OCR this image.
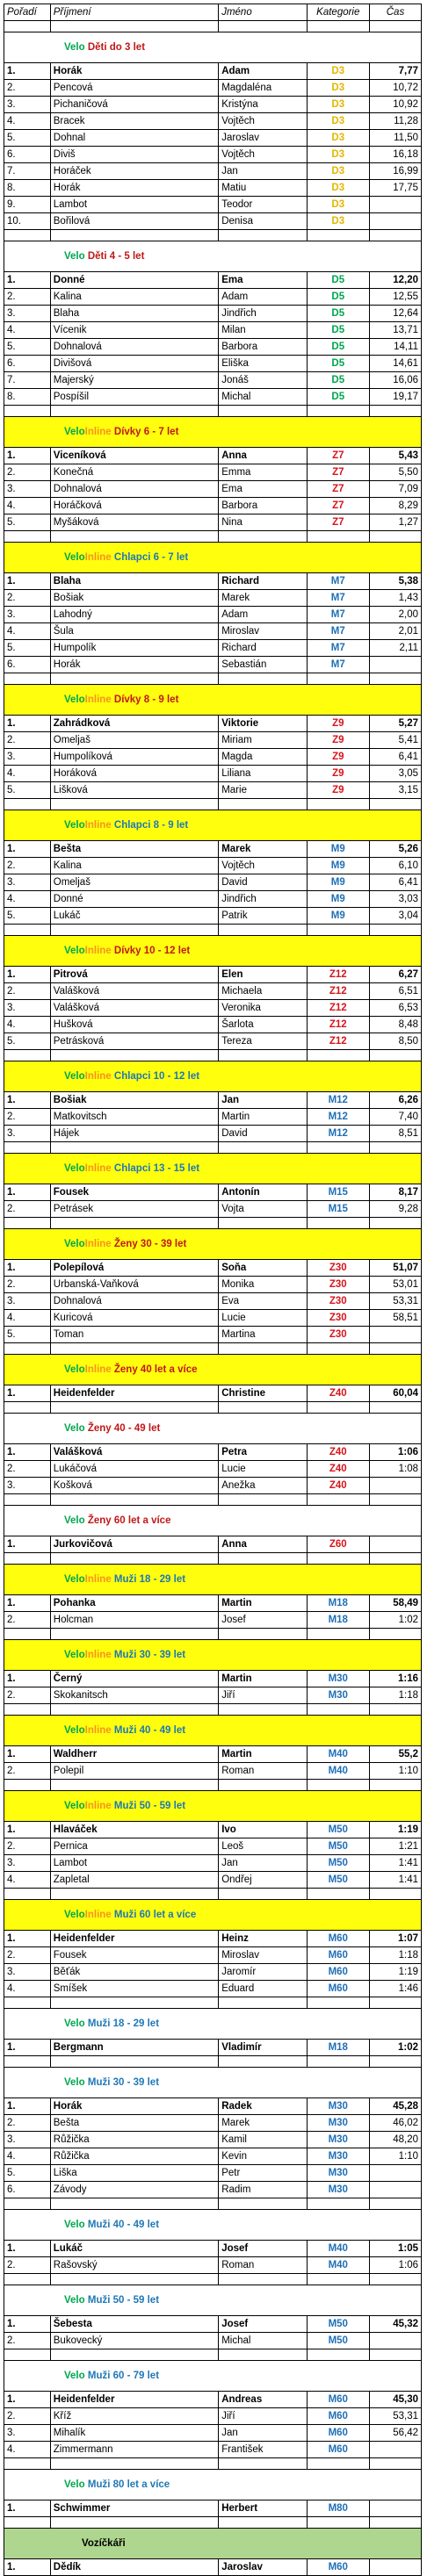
Pořadí	Příjmení	Jméno	Kategorie	Čas

Velo Děti do 3 let				
1.	Horák	Adam	D3	7,77
2.	Pencová	Magdaléna	D3	10,72
3.	Pichaničová	Kristýna	D3	10,92
4.	Bracek	Vojtěch	D3	11,28
5.	Dohnal	Jaroslav	D3	11,50
6.	Diviš	Vojtěch	D3	16,18
7.	Horáček	Jan	D3	16,99
8.	Horák	Matiu	D3	17,75
9.	Lambot	Teodor	D3	
10.	Bořilová	Denisa	D3	

Velo Děti 4 - 5 let				
1.	Donné	Ema	D5	12,20
2.	Kalina	Adam	D5	12,55
3.	Blaha	Jindřich	D5	12,64
4.	Vícenik	Milan	D5	13,71
5.	Dohnalová	Barbora	D5	14,11
6.	Divišová	Eliška	D5	14,61
7.	Majerský	Jonáš	D5	16,06
8.	Pospíšil	Michal	D5	19,17

VeloInline Dívky 6 - 7 let				
1.	Viceníková	Anna	Z7	5,43
2.	Konečná	Emma	Z7	5,50
3.	Dohnalová	Ema	Z7	7,09
4.	Horáčková	Barbora	Z7	8,29
5.	Myšáková	Nina	Z7	1,27

VeloInline Chlapci 6 - 7 let				
1.	Blaha	Richard	M7	5,38
2.	Bošiak	Marek	M7	1,43
3.	Lahodný	Adam	M7	2,00
4.	Šula	Miroslav	M7	2,01
5.	Humpolík	Richard	M7	2,11
6.	Horák	Sebastián	M7	

VeloInline Dívky 8 - 9 let				
1.	Zahrádková	Viktorie	Z9	5,27
2.	Omeljaš	Miriam	Z9	5,41
3.	Humpolíková	Magda	Z9	6,41
4.	Horáková	Liliana	Z9	3,05
5.	Lišková	Marie	Z9	3,15

VeloInline Chlapci 8 - 9 let				
1.	Bešta	Marek	M9	5,26
2.	Kalina	Vojtěch	M9	6,10
3.	Omeljaš	David	M9	6,41
4.	Donné	Jindřich	M9	3,03
5.	Lukáč	Patrik	M9	3,04

VeloInline Dívky 10 - 12 let				
1.	Pitrová	Elen	Z12	6,27
2.	Valášková	Michaela	Z12	6,51
3.	Valášková	Veronika	Z12	6,53
4.	Hušková	Šarlota	Z12	8,48
5.	Petrásková	Tereza	Z12	8,50

VeloInline Chlapci 10 - 12 let				
1.	Bošiak	Jan	M12	6,26
2.	Matkovitsch	Martin	M12	7,40
3.	Hájek	David	M12	8,51

VeloInline Chlapci 13 - 15 let				
1.	Fousek	Antonín	M15	8,17
2.	Petrásek	Vojta	M15	9,28

VeloInline Ženy 30 - 39 let				
1.	Polepílová	Soňa	Z30	51,07
2.	Urbanská-Vaňková	Monika	Z30	53,01
3.	Dohnalová	Eva	Z30	53,31
4.	Kuricová	Lucie	Z30	58,51
5.	Toman	Martina	Z30	

VeloInline Ženy 40 let a více				
1.	Heidenfelder	Christine	Z40	60,04

Velo Ženy 40 - 49 let				
1.	Valášková	Petra	Z40	1:06
2.	Lukáčová	Lucie	Z40	1:08
3.	Košková	Anežka	Z40	

Velo Ženy 60 let a více				
1.	Jurkovičová	Anna	Z60	

VeloInline Muži 18 - 29 let				
1.	Pohanka	Martin	M18	58,49
2.	Holcman	Josef	M18	1:02

VeloInline Muži 30 - 39 let				
1.	Černý	Martin	M30	1:16
2.	Skokanitsch	Jiří	M30	1:18

VeloInline Muži 40 - 49 let				
1.	Waldherr	Martin	M40	55,2
2.	Polepil	Roman	M40	1:10

VeloInline Muži 50 - 59 let				
1.	Hlaváček	Ivo	M50	1:19
2.	Pernica	Leoš	M50	1:21
3.	Lambot	Jan	M50	1:41
4.	Zapletal	Ondřej	M50	1:41

VeloInline Muži 60 let a více				
1.	Heidenfelder	Heinz	M60	1:07
2.	Fousek	Miroslav	M60	1:18
3.	Běťák	Jaromír	M60	1:19
4.	Smíšek	Eduard	M60	1:46

Velo Muži 18 - 29 let				
1.	Bergmann	Vladimír	M18	1:02

Velo Muži 30 - 39 let				
1.	Horák	Radek	M30	45,28
2.	Bešta	Marek	M30	46,02
3.	Růžička	Kamil	M30	48,20
4.	Růžička	Kevin	M30	1:10
5.	Liška	Petr	M30	
6.	Závody	Radim	M30	

Velo Muži 40 - 49 let				
1.	Lukáč	Josef	M40	1:05
2.	Rašovský	Roman	M40	1:06

Velo Muži 50 - 59 let				
1.	Šebesta	Josef	M50	45,32
2.	Bukovecký	Michal	M50	

Velo Muži 60 - 79 let				
1.	Heidenfelder	Andreas	M60	45,30
2.	Kříž	Jiří	M60	53,31
3.	Mihalík	Jan	M60	56,42
4.	Zimmermann	František	M60	

Velo Muži 80 let a více				
1.	Schwimmer	Herbert	M80	

Vozíčkáři				
1.	Dědík	Jaroslav	M60	
